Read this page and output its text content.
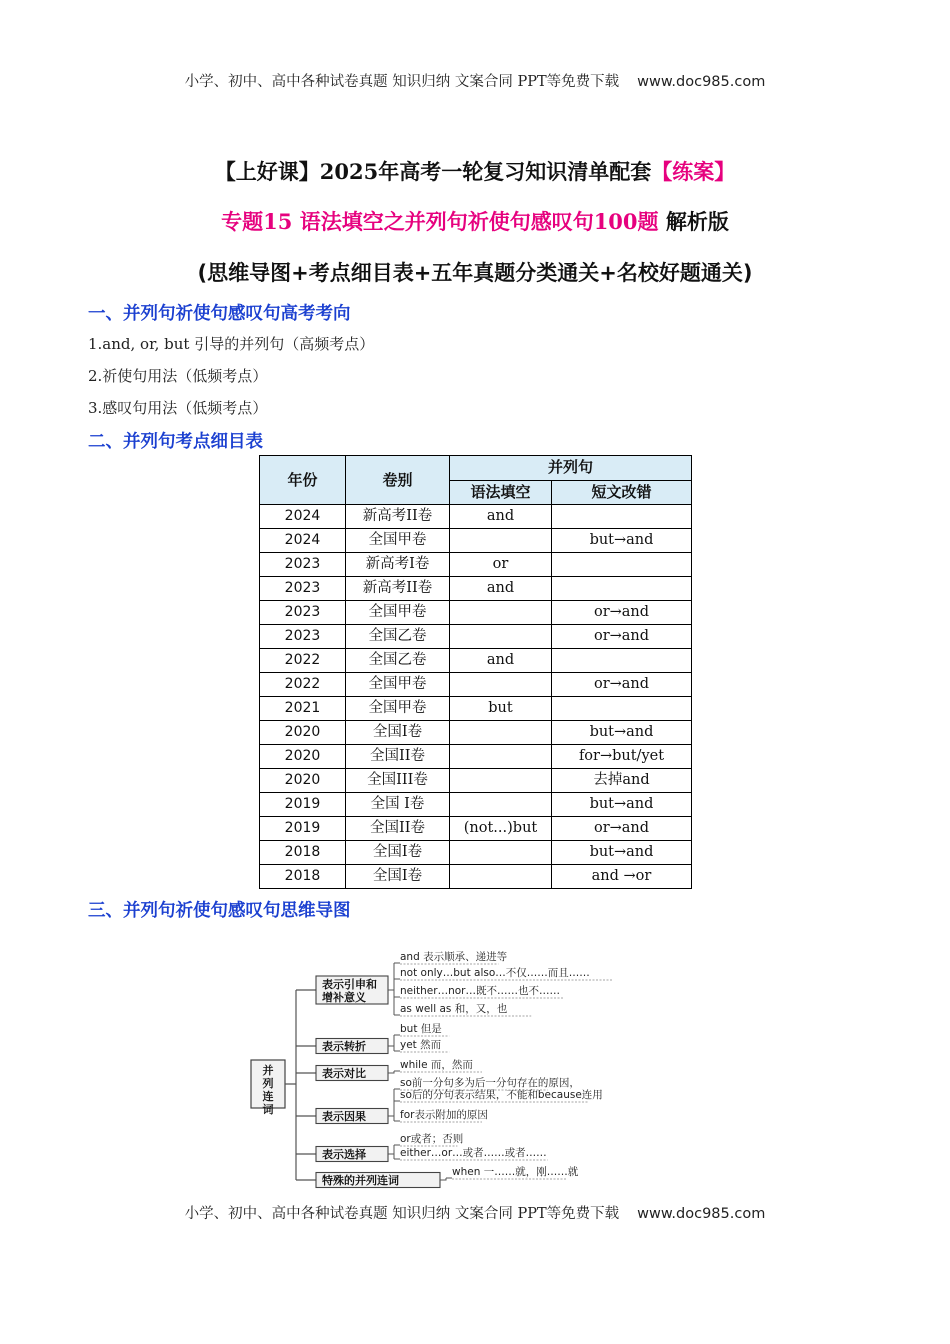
小学、初中、高中各种试卷真题 知识归纳 文案合同 PPT等免费下载 www.doc985.com
【上好课】2025年高考一轮复习知识清单配套【练案】
专题15 语法填空之并列句祈使句感叹句100题 解析版
(思维导图+考点细目表+五年真题分类通关+名校好题通关)
一、并列句祈使句感叹句高考考向
1.and, or, but 引导的并列句（高频考点）
2.祈使句用法（低频考点）
3.感叹句用法（低频考点）
二、并列句考点细目表
年份	卷别	并列句	
		语法填空	短文改错
2024	新高考II卷	and	
2024	全国甲卷		but→and
2023	新高考I卷	or	
2023	新高考II卷	and	
2023	全国甲卷		or→and
2023	全国乙卷		or→and
2022	全国乙卷	and	
2022	全国甲卷		or→and
2021	全国甲卷	but	
2020	全国I卷		but→and
2020	全国II卷		for→but/yet
2020	全国III卷		去掉and
2019	全国 I卷		but→and
2019	全国II卷	(not...)but	or→and
2018	全国I卷		but→and
2018	全国I卷		and →or
三、并列句祈使句感叹句思维导图
并
列
连
词
表示引申和
增补意义
and 表示顺承、递进等
not only…but also…不仅……而且……
neither…nor…既不……也不……
as well as 和，又，也
表示转折
but 但是
yet 然而
表示对比
while 而，然而
表示因果
so前一分句多为后一分句存在的原因，
so后的分句表示结果，不能和because连用
for表示附加的原因
表示选择
or或者；否则
either…or…或者……或者……
特殊的并列连词
when 一……就，刚……就
小学、初中、高中各种试卷真题 知识归纳 文案合同 PPT等免费下载 www.doc985.com
